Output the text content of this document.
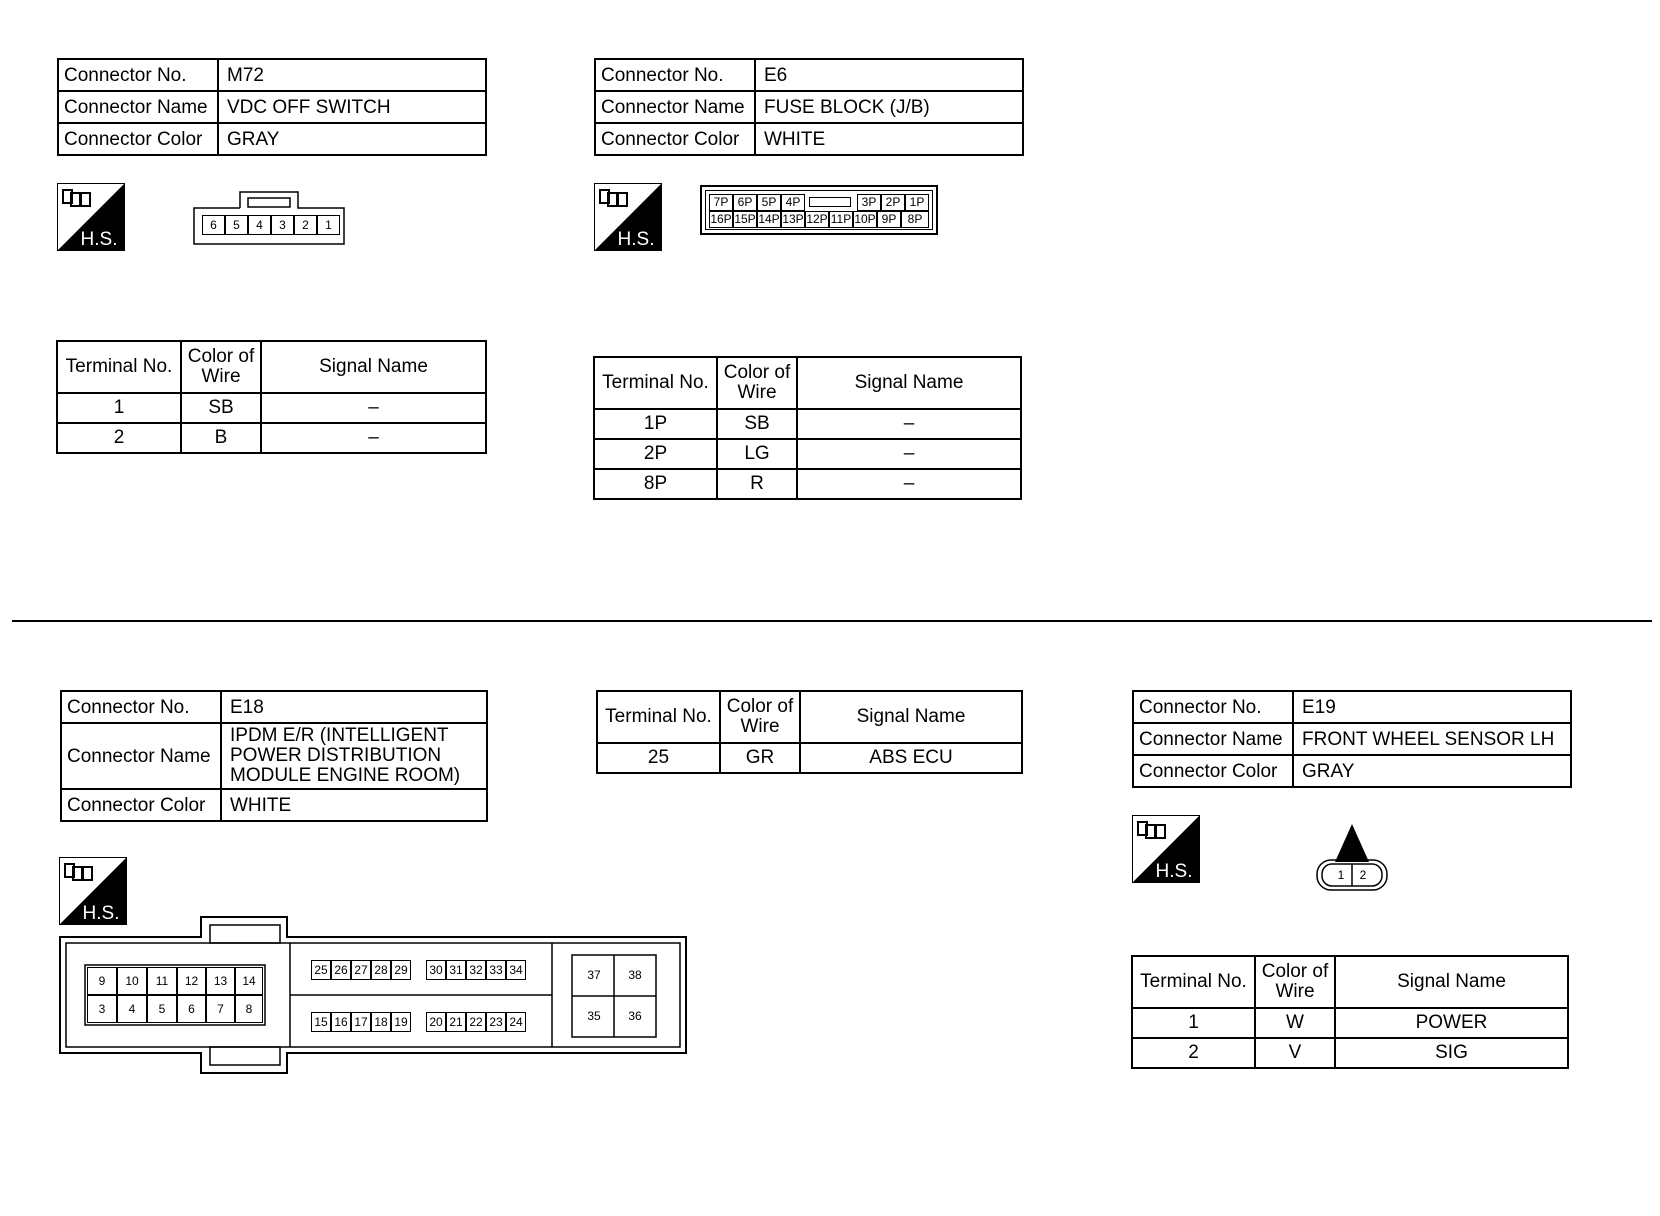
Connector No.	M72
Connector Name	VDC OFF SWITCH
Connector Color	GRAY
H.S.
6	5	4	3	2	1
Terminal No.	Color of Wire	Signal Name
1	SB	–
2	B	–
Connector No.	E6
Connector Name	FUSE BLOCK (J/B)
Connector Color	WHITE
H.S.
7P 6P 5P 4P	3P 2P 1P
16P 15P 14P 13P 12P 11P 10P 9P 8P
Terminal No.	Color of Wire	Signal Name
1P	SB	–
2P	LG	–
8P	R	–
Connector No.	E18
Connector Name	IPDM E/R (INTELLIGENT
POWER DISTRIBUTION
MODULE ENGINE ROOM)

Connector Color	WHITE
H.S.
9	10	11	12	13	14
3	4	5	6	7	8
25 26 27 28 29 30 31 32 33 34
15 16 17 18 19 20 21 22 23 24
37	38
35	36
Terminal No.	Color of Wire	Signal Name
25	GR	ABS ECU
Connector No.	E19
Connector Name	FRONT WHEEL SENSOR LH
Connector Color	GRAY
H.S.	1	2
Terminal No.	Color of Wire	Signal Name
1	W	POWER
2	V	SIG
